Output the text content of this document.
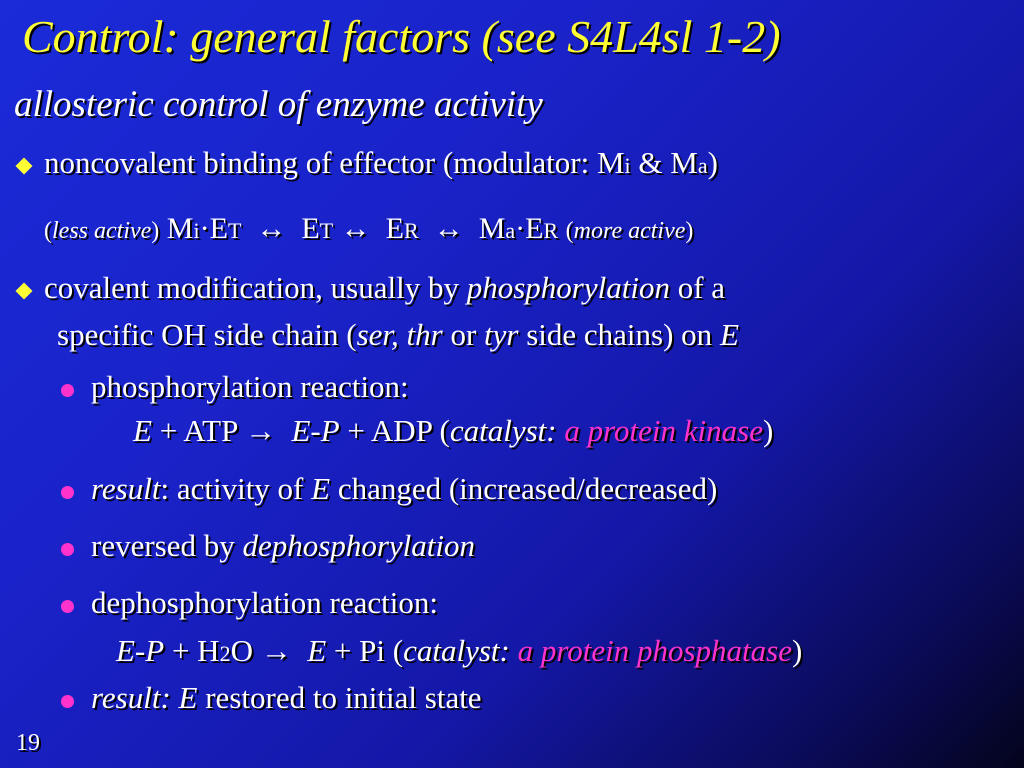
Control: general factors (see S4L4sl 1-2)
allosteric control of enzyme activity
noncovalent binding of effector (modulator: Mi & Ma)
(less active) Mi·ET ↔ ET ↔ ER ↔ Ma·ER (more active)
covalent modification, usually by phosphorylation of a
specific OH side chain (ser, thr or tyr side chains) on E
phosphorylation reaction:
E + ATP → E-P + ADP (catalyst: a protein kinase)
result: activity of E changed (increased/decreased)
reversed by dephosphorylation
dephosphorylation reaction:
E-P + H2O → E + Pi (catalyst: a protein phosphatase)
result: E restored to initial state
19
